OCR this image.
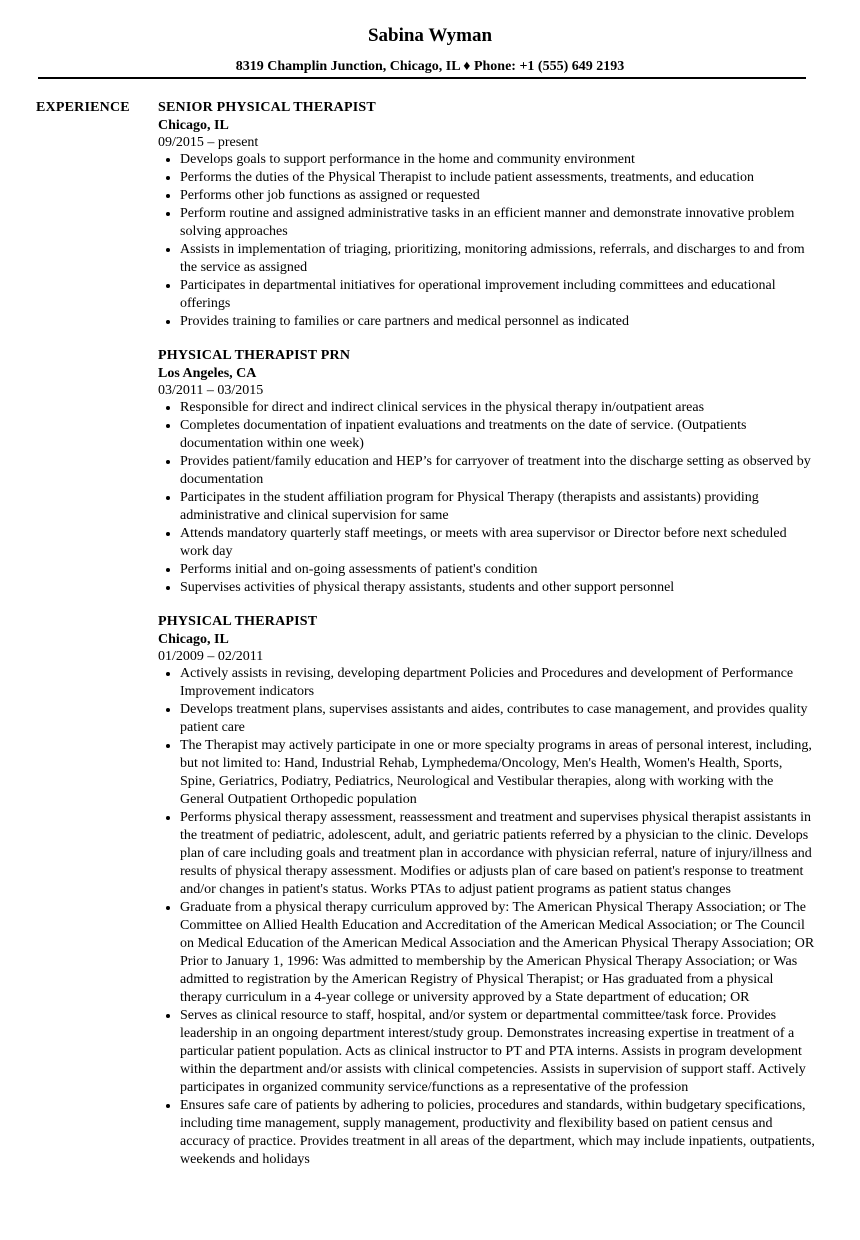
Sabina Wyman
8319 Champlin Junction, Chicago, IL ♦ Phone: +1 (555) 649 2193
EXPERIENCE SENIOR PHYSICAL THERAPIST
Chicago, IL
09/2015 – present
• Develops goals to support performance in the home and community environment
• Performs the duties of the Physical Therapist to include patient assessments, treatments, and education
• Performs other job functions as assigned or requested
• Perform routine and assigned administrative tasks in an efficient manner and demonstrate innovative problem solving approaches
• Assists in implementation of triaging, prioritizing, monitoring admissions, referrals, and discharges to and from the service as assigned
• Participates in departmental initiatives for operational improvement including committees and educational offerings
• Provides training to families or care partners and medical personnel as indicated
PHYSICAL THERAPIST PRN
Los Angeles, CA
03/2011 – 03/2015
• Responsible for direct and indirect clinical services in the physical therapy in/outpatient areas
• Completes documentation of inpatient evaluations and treatments on the date of service. (Outpatients documentation within one week)
• Provides patient/family education and HEP’s for carryover of treatment into the discharge setting as observed by documentation
• Participates in the student affiliation program for Physical Therapy (therapists and assistants) providing administrative and clinical supervision for same
• Attends mandatory quarterly staff meetings, or meets with area supervisor or Director before next scheduled work day
• Performs initial and on-going assessments of patient's condition
• Supervises activities of physical therapy assistants, students and other support personnel
PHYSICAL THERAPIST
Chicago, IL
01/2009 – 02/2011
• Actively assists in revising, developing department Policies and Procedures and development of Performance Improvement indicators
• Develops treatment plans, supervises assistants and aides, contributes to case management, and provides quality patient care
• The Therapist may actively participate in one or more specialty programs in areas of personal interest, including, but not limited to: Hand, Industrial Rehab, Lymphedema/Oncology, Men's Health, Women's Health, Sports, Spine, Geriatrics, Podiatry, Pediatrics, Neurological and Vestibular therapies, along with working with the General Outpatient Orthopedic population
• Performs physical therapy assessment, reassessment and treatment and supervises physical therapist assistants in the treatment of pediatric, adolescent, adult, and geriatric patients referred by a physician to the clinic. Develops plan of care including goals and treatment plan in accordance with physician referral, nature of injury/illness and results of physical therapy assessment. Modifies or adjusts plan of care based on patient's response to treatment and/or changes in patient's status. Works PTAs to adjust patient programs as patient status changes
• Graduate from a physical therapy curriculum approved by: The American Physical Therapy Association; or The Committee on Allied Health Education and Accreditation of the American Medical Association; or The Council on Medical Education of the American Medical Association and the American Physical Therapy Association; OR Prior to January 1, 1996: Was admitted to membership by the American Physical Therapy Association; or Was admitted to registration by the American Registry of Physical Therapist; or Has graduated from a physical therapy curriculum in a 4-year college or university approved by a State department of education; OR
• Serves as clinical resource to staff, hospital, and/or system or departmental committee/task force. Provides leadership in an ongoing department interest/study group. Demonstrates increasing expertise in treatment of a particular patient population. Acts as clinical instructor to PT and PTA interns. Assists in program development within the department and/or assists with clinical competencies. Assists in supervision of support staff. Actively participates in organized community service/functions as a representative of the profession
• Ensures safe care of patients by adhering to policies, procedures and standards, within budgetary specifications, including time management, supply management, productivity and flexibility based on patient census and accuracy of practice. Provides treatment in all areas of the department, which may include inpatients, outpatients, weekends and holidays
